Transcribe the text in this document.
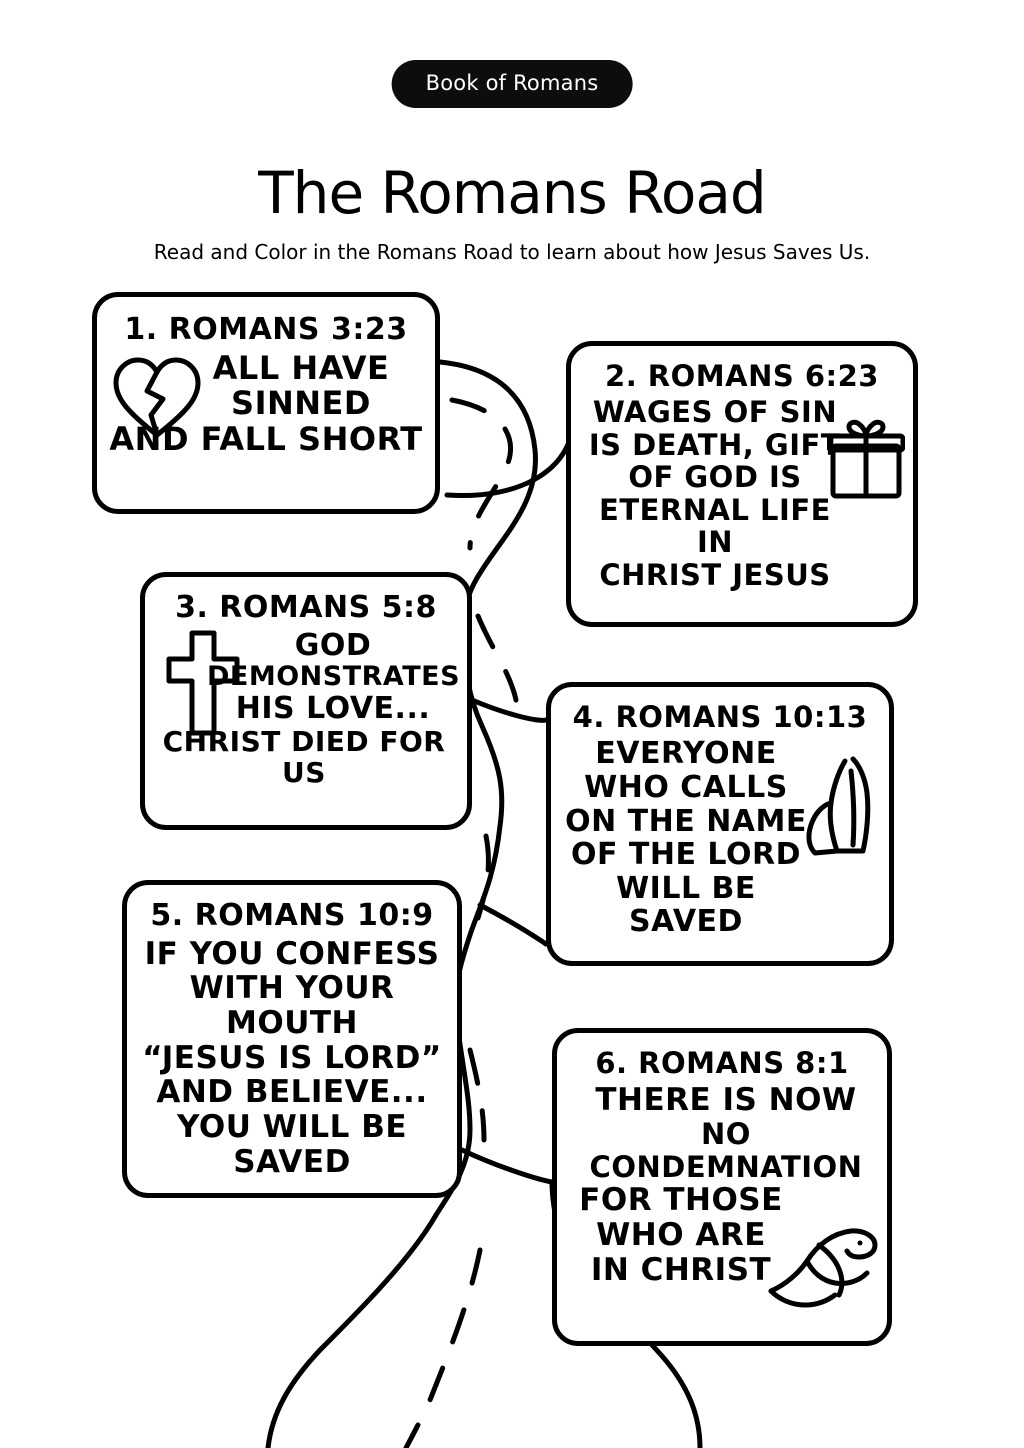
Book of Romans
The Romans Road

Read and Color in the Romans Road to learn about how Jesus Saves Us.

1. ROMANS 3:23
ALL HAVE
SINNED
AND FALL SHORT
2. ROMANS 6:23
WAGES OF SIN
IS DEATH, GIFT
OF GOD IS
ETERNAL LIFE IN
CHRIST JESUS
3. ROMANS 5:8
GOD
DEMONSTRATES
HIS LOVE...
CHRIST DIED FOR US
4. ROMANS 10:13
EVERYONE
WHO CALLS
ON THE NAME
OF THE LORD
WILL BE SAVED
5. ROMANS 10:9
IF YOU CONFESS
WITH YOUR MOUTH
“JESUS IS LORD”
AND BELIEVE...
YOU WILL BE SAVED
6. ROMANS 8:1
THERE IS NOW
NO CONDEMNATION
FOR THOSE
WHO ARE
IN CHRIST
